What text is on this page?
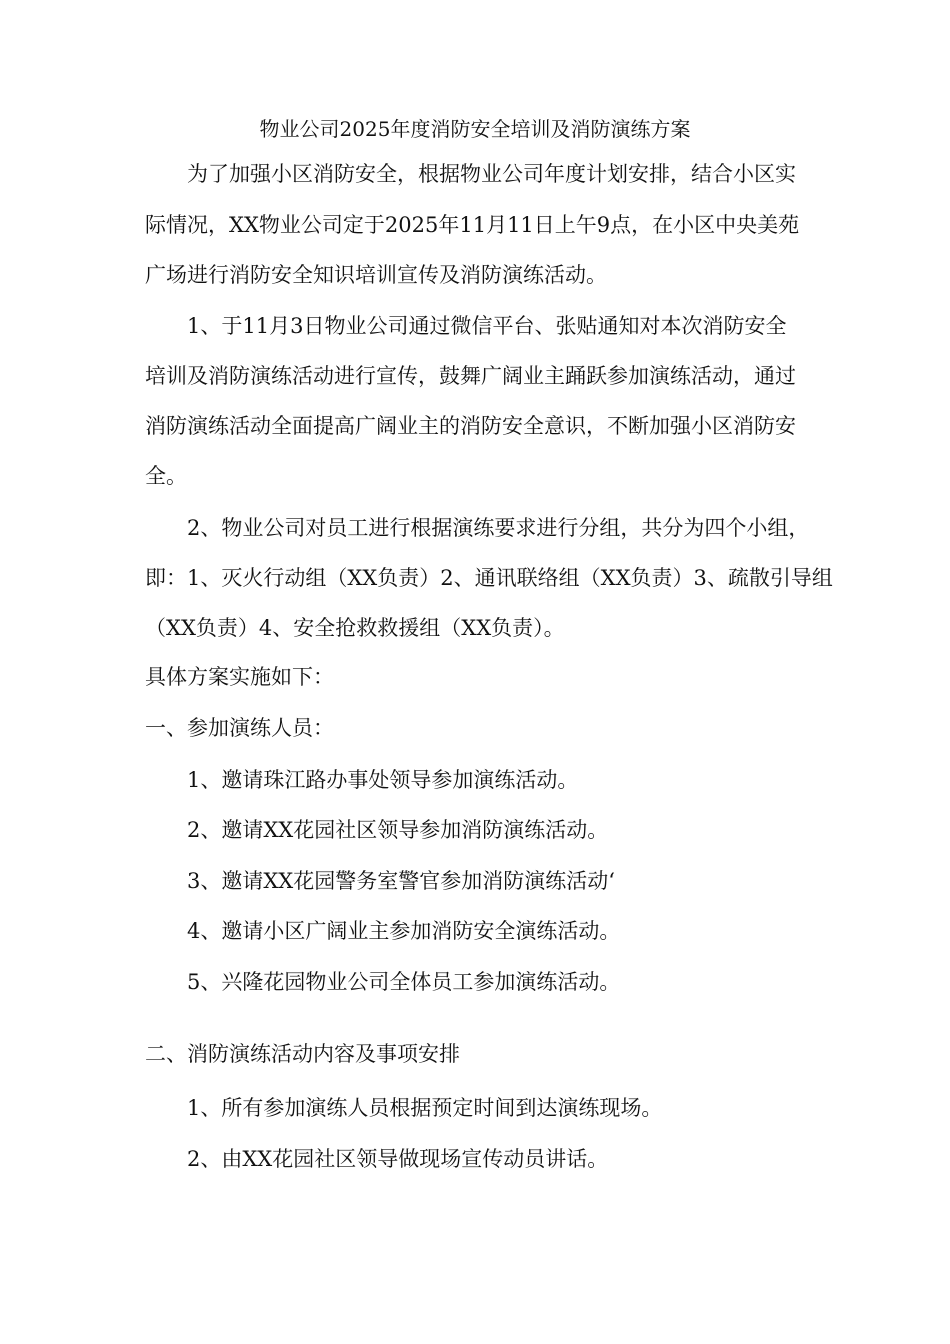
物业公司2025年度消防安全培训及消防演练方案

为了加强小区消防安全，根据物业公司年度计划安排，结合小区实

际情况，XX物业公司定于2025年11月11日上午9点，在小区中央美苑

广场进行消防安全知识培训宣传及消防演练活动。

1、于11月3日物业公司通过微信平台、张贴通知对本次消防安全

培训及消防演练活动进行宣传，鼓舞广阔业主踊跃参加演练活动，通过

消防演练活动全面提高广阔业主的消防安全意识，不断加强小区消防安

全。

2、物业公司对员工进行根据演练要求进行分组，共分为四个小组，

即：1、灭火行动组（XX负责）2、通讯联络组（XX负责）3、疏散引导组

（XX负责）4、安全抢救救援组（XX负责）。

具体方案实施如下：

一、参加演练人员：

1、邀请珠江路办事处领导参加演练活动。

2、邀请XX花园社区领导参加消防演练活动。

3、邀请XX花园警务室警官参加消防演练活动‘

4、邀请小区广阔业主参加消防安全演练活动。

5、兴隆花园物业公司全体员工参加演练活动。

二、消防演练活动内容及事项安排

1、所有参加演练人员根据预定时间到达演练现场。

2、由XX花园社区领导做现场宣传动员讲话。
